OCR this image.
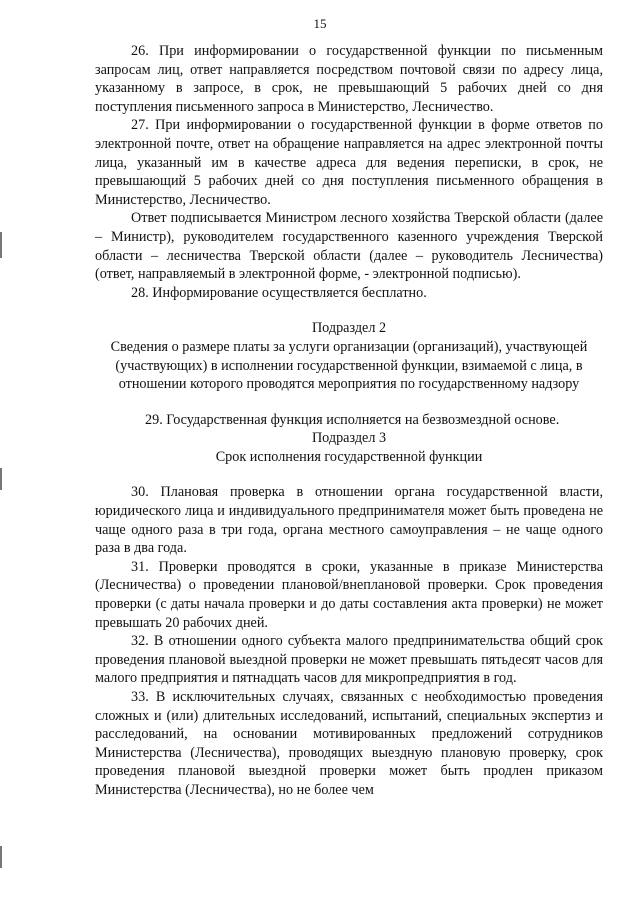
15

26. При информировании о государственной функции по письменным запросам лиц, ответ направляется посредством почтовой связи по адресу лица, указанному в запросе, в срок, не превышающий 5 рабочих дней со дня поступления письменного запроса в Министерство, Лесничество.

27. При информировании о государственной функции в форме ответов по электронной почте, ответ на обращение направляется на адрес электронной почты лица, указанный им в качестве адреса для ведения переписки, в срок, не превышающий 5 рабочих дней со дня поступления письменного обращения в Министерство, Лесничество.

Ответ подписывается Министром лесного хозяйства Тверской области (далее – Министр), руководителем государственного казенного учреждения Тверской области – лесничества Тверской области (далее – руководитель Лесничества) (ответ, направляемый в электронной форме, - электронной подписью).

28. Информирование осуществляется бесплатно.

Подраздел 2

Сведения о размере платы за услуги организации (организаций), участвующей (участвующих) в исполнении государственной функции, взимаемой с лица, в отношении которого проводятся мероприятия по государственному надзору

29. Государственная функция исполняется на безвозмездной основе.

Подраздел 3

Срок исполнения государственной функции

30. Плановая проверка в отношении органа государственной власти, юридического лица и индивидуального предпринимателя может быть проведена не чаще одного раза в три года, органа местного самоуправления – не чаще одного раза в два года.

31. Проверки проводятся в сроки, указанные в приказе Министерства (Лесничества) о проведении плановой/внеплановой проверки. Срок проведения проверки (с даты начала проверки и до даты составления акта проверки) не может превышать 20 рабочих дней.

32. В отношении одного субъекта малого предпринимательства общий срок проведения плановой выездной проверки не может превышать пятьдесят часов для малого предприятия и пятнадцать часов для микропредприятия в год.

33. В исключительных случаях, связанных с необходимостью проведения сложных и (или) длительных исследований, испытаний, специальных экспертиз и расследований, на основании мотивированных предложений сотрудников Министерства (Лесничества), проводящих выездную плановую проверку, срок проведения плановой выездной проверки может быть продлен приказом Министерства (Лесничества), но не более чем
